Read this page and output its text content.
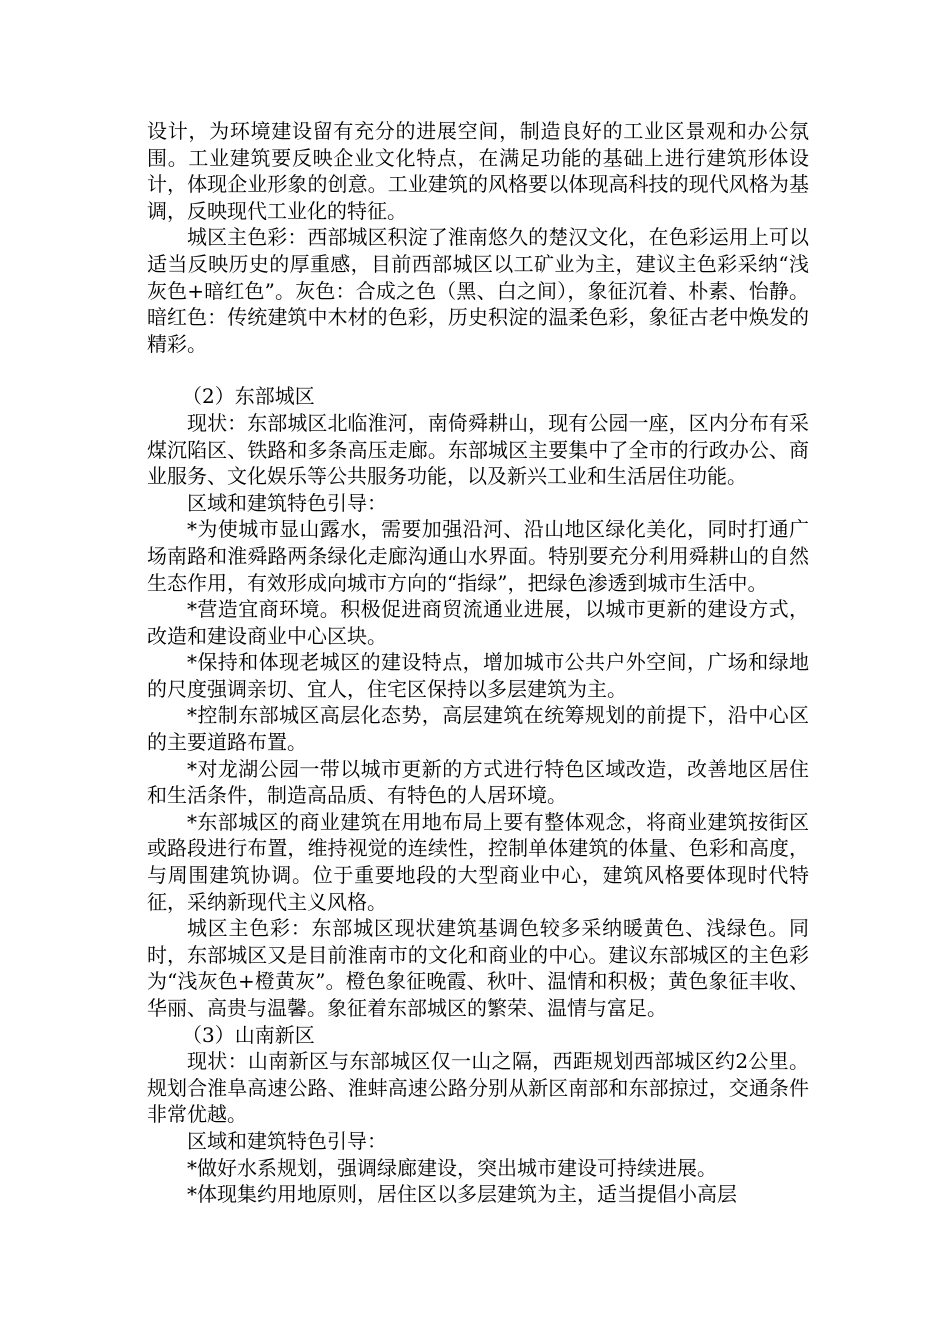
设计，为环境建设留有充分的进展空间，制造良好的工业区景观和办公氛围。工业建筑要反映企业文化特点，在满足功能的基础上进行建筑形体设计，体现企业形象的创意。工业建筑的风格要以体现高科技的现代风格为基调，反映现代工业化的特征。

城区主色彩：西部城区积淀了淮南悠久的楚汉文化，在色彩运用上可以适当反映历史的厚重感，目前西部城区以工矿业为主，建议主色彩采纳“浅灰色+暗红色”。灰色：合成之色（黑、白之间），象征沉着、朴素、怡静。暗红色：传统建筑中木材的色彩，历史积淀的温柔色彩，象征古老中焕发的精彩。

（2）东部城区

现状：东部城区北临淮河，南倚舜耕山，现有公园一座，区内分布有采煤沉陷区、铁路和多条高压走廊。东部城区主要集中了全市的行政办公、商业服务、文化娱乐等公共服务功能，以及新兴工业和生活居住功能。

区域和建筑特色引导：

*为使城市显山露水，需要加强沿河、沿山地区绿化美化，同时打通广场南路和淮舜路两条绿化走廊沟通山水界面。特别要充分利用舜耕山的自然生态作用，有效形成向城市方向的“指绿”，把绿色渗透到城市生活中。

*营造宜商环境。积极促进商贸流通业进展，以城市更新的建设方式，改造和建设商业中心区块。

*保持和体现老城区的建设特点，增加城市公共户外空间，广场和绿地的尺度强调亲切、宜人，住宅区保持以多层建筑为主。

*控制东部城区高层化态势，高层建筑在统筹规划的前提下，沿中心区的主要道路布置。

*对龙湖公园一带以城市更新的方式进行特色区域改造，改善地区居住和生活条件，制造高品质、有特色的人居环境。

*东部城区的商业建筑在用地布局上要有整体观念，将商业建筑按街区或路段进行布置，维持视觉的连续性，控制单体建筑的体量、色彩和高度，与周围建筑协调。位于重要地段的大型商业中心，建筑风格要体现时代特征，采纳新现代主义风格。

城区主色彩：东部城区现状建筑基调色较多采纳暖黄色、浅绿色。同时，东部城区又是目前淮南市的文化和商业的中心。建议东部城区的主色彩为“浅灰色+橙黄灰”。橙色象征晚霞、秋叶、温情和积极；黄色象征丰收、华丽、高贵与温馨。象征着东部城区的繁荣、温情与富足。

（3）山南新区

现状：山南新区与东部城区仅一山之隔，西距规划西部城区约2公里。规划合淮阜高速公路、淮蚌高速公路分别从新区南部和东部掠过，交通条件非常优越。

区域和建筑特色引导：

*做好水系规划，强调绿廊建设，突出城市建设可持续进展。

*体现集约用地原则，居住区以多层建筑为主，适当提倡小高层
